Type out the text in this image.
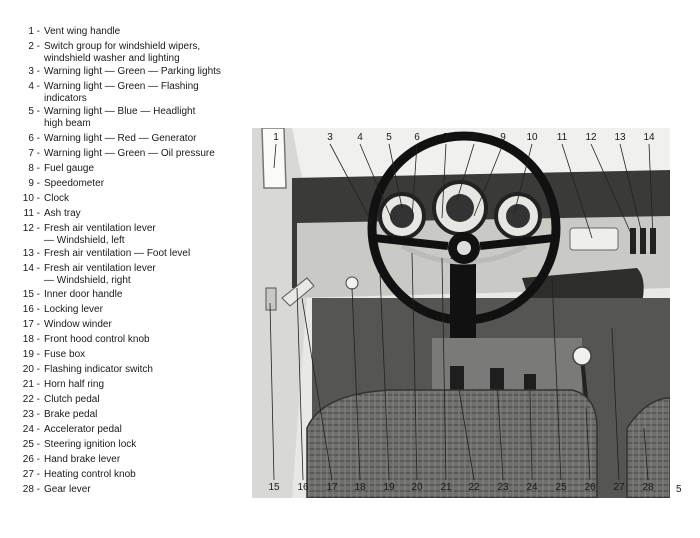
1 - Vent wing handle
2 - Switch group for windshield wipers,
windshield washer and lighting
3 - Warning light — Green — Parking lights
4 - Warning light — Green — Flashing
indicators
5 - Warning light — Blue — Headlight
high beam
6 - Warning light — Red — Generator
7 - Warning light — Green — Oil pressure
8 - Fuel gauge
9 - Speedometer
10 - Clock
11 - Ash tray
12 - Fresh air ventilation lever
— Windshield, left
13 - Fresh air ventilation — Foot level
14 - Fresh air ventilation lever
— Windshield, right
15 - Inner door handle
16 - Locking lever
17 - Window winder
18 - Front hood control knob
19 - Fuse box
20 - Flashing indicator switch
21 - Horn half ring
22 - Clutch pedal
23 - Brake pedal
24 - Accelerator pedal
25 - Steering ignition lock
26 - Hand brake lever
27 - Heating control knob
28 - Gear lever
1	3 4 5 6 7 8 9 10 11 12 13 14
15 16 17 18 19 20 21 22 23 24 25 26 27 28 5
